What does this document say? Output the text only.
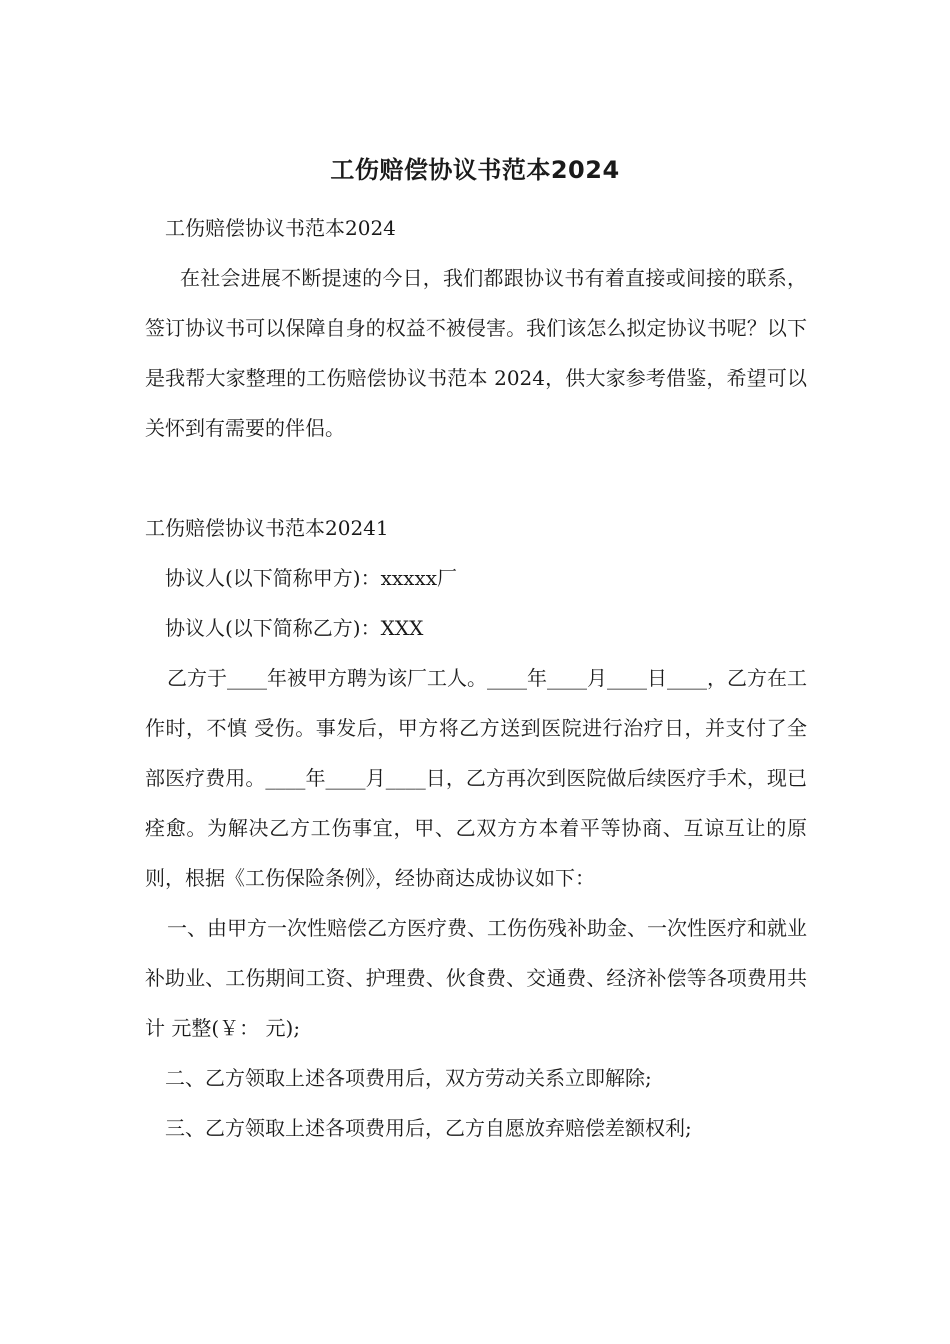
工伤赔偿协议书范本2024

工伤赔偿协议书范本2024

在社会进展不断提速的今日，我们都跟协议书有着直接或间接的联系，签订协议书可以保障自身的权益不被侵害。我们该怎么拟定协议书呢？以下是我帮大家整理的工伤赔偿协议书范本 2024，供大家参考借鉴，希望可以关怀到有需要的伴侣。

工伤赔偿协议书范本20241

协议人(以下简称甲方)：xxxxx厂

协议人(以下简称乙方)：XXX

乙方于____年被甲方聘为该厂工人。____年____月____日____，乙方在工作时，不慎 受伤。事发后，甲方将乙方送到医院进行治疗日，并支付了全部医疗费用。____年____月____日，乙方再次到医院做后续医疗手术，现已痊愈。为解决乙方工伤事宜，甲、乙双方方本着平等协商、互谅互让的原则，根据《工伤保险条例》，经协商达成协议如下：

一、由甲方一次性赔偿乙方医疗费、工伤伤残补助金、一次性医疗和就业补助业、工伤期间工资、护理费、伙食费、交通费、经济补偿等各项费用共计 元整(￥： 元);

二、乙方领取上述各项费用后，双方劳动关系立即解除;

三、乙方领取上述各项费用后，乙方自愿放弃赔偿差额权利;
